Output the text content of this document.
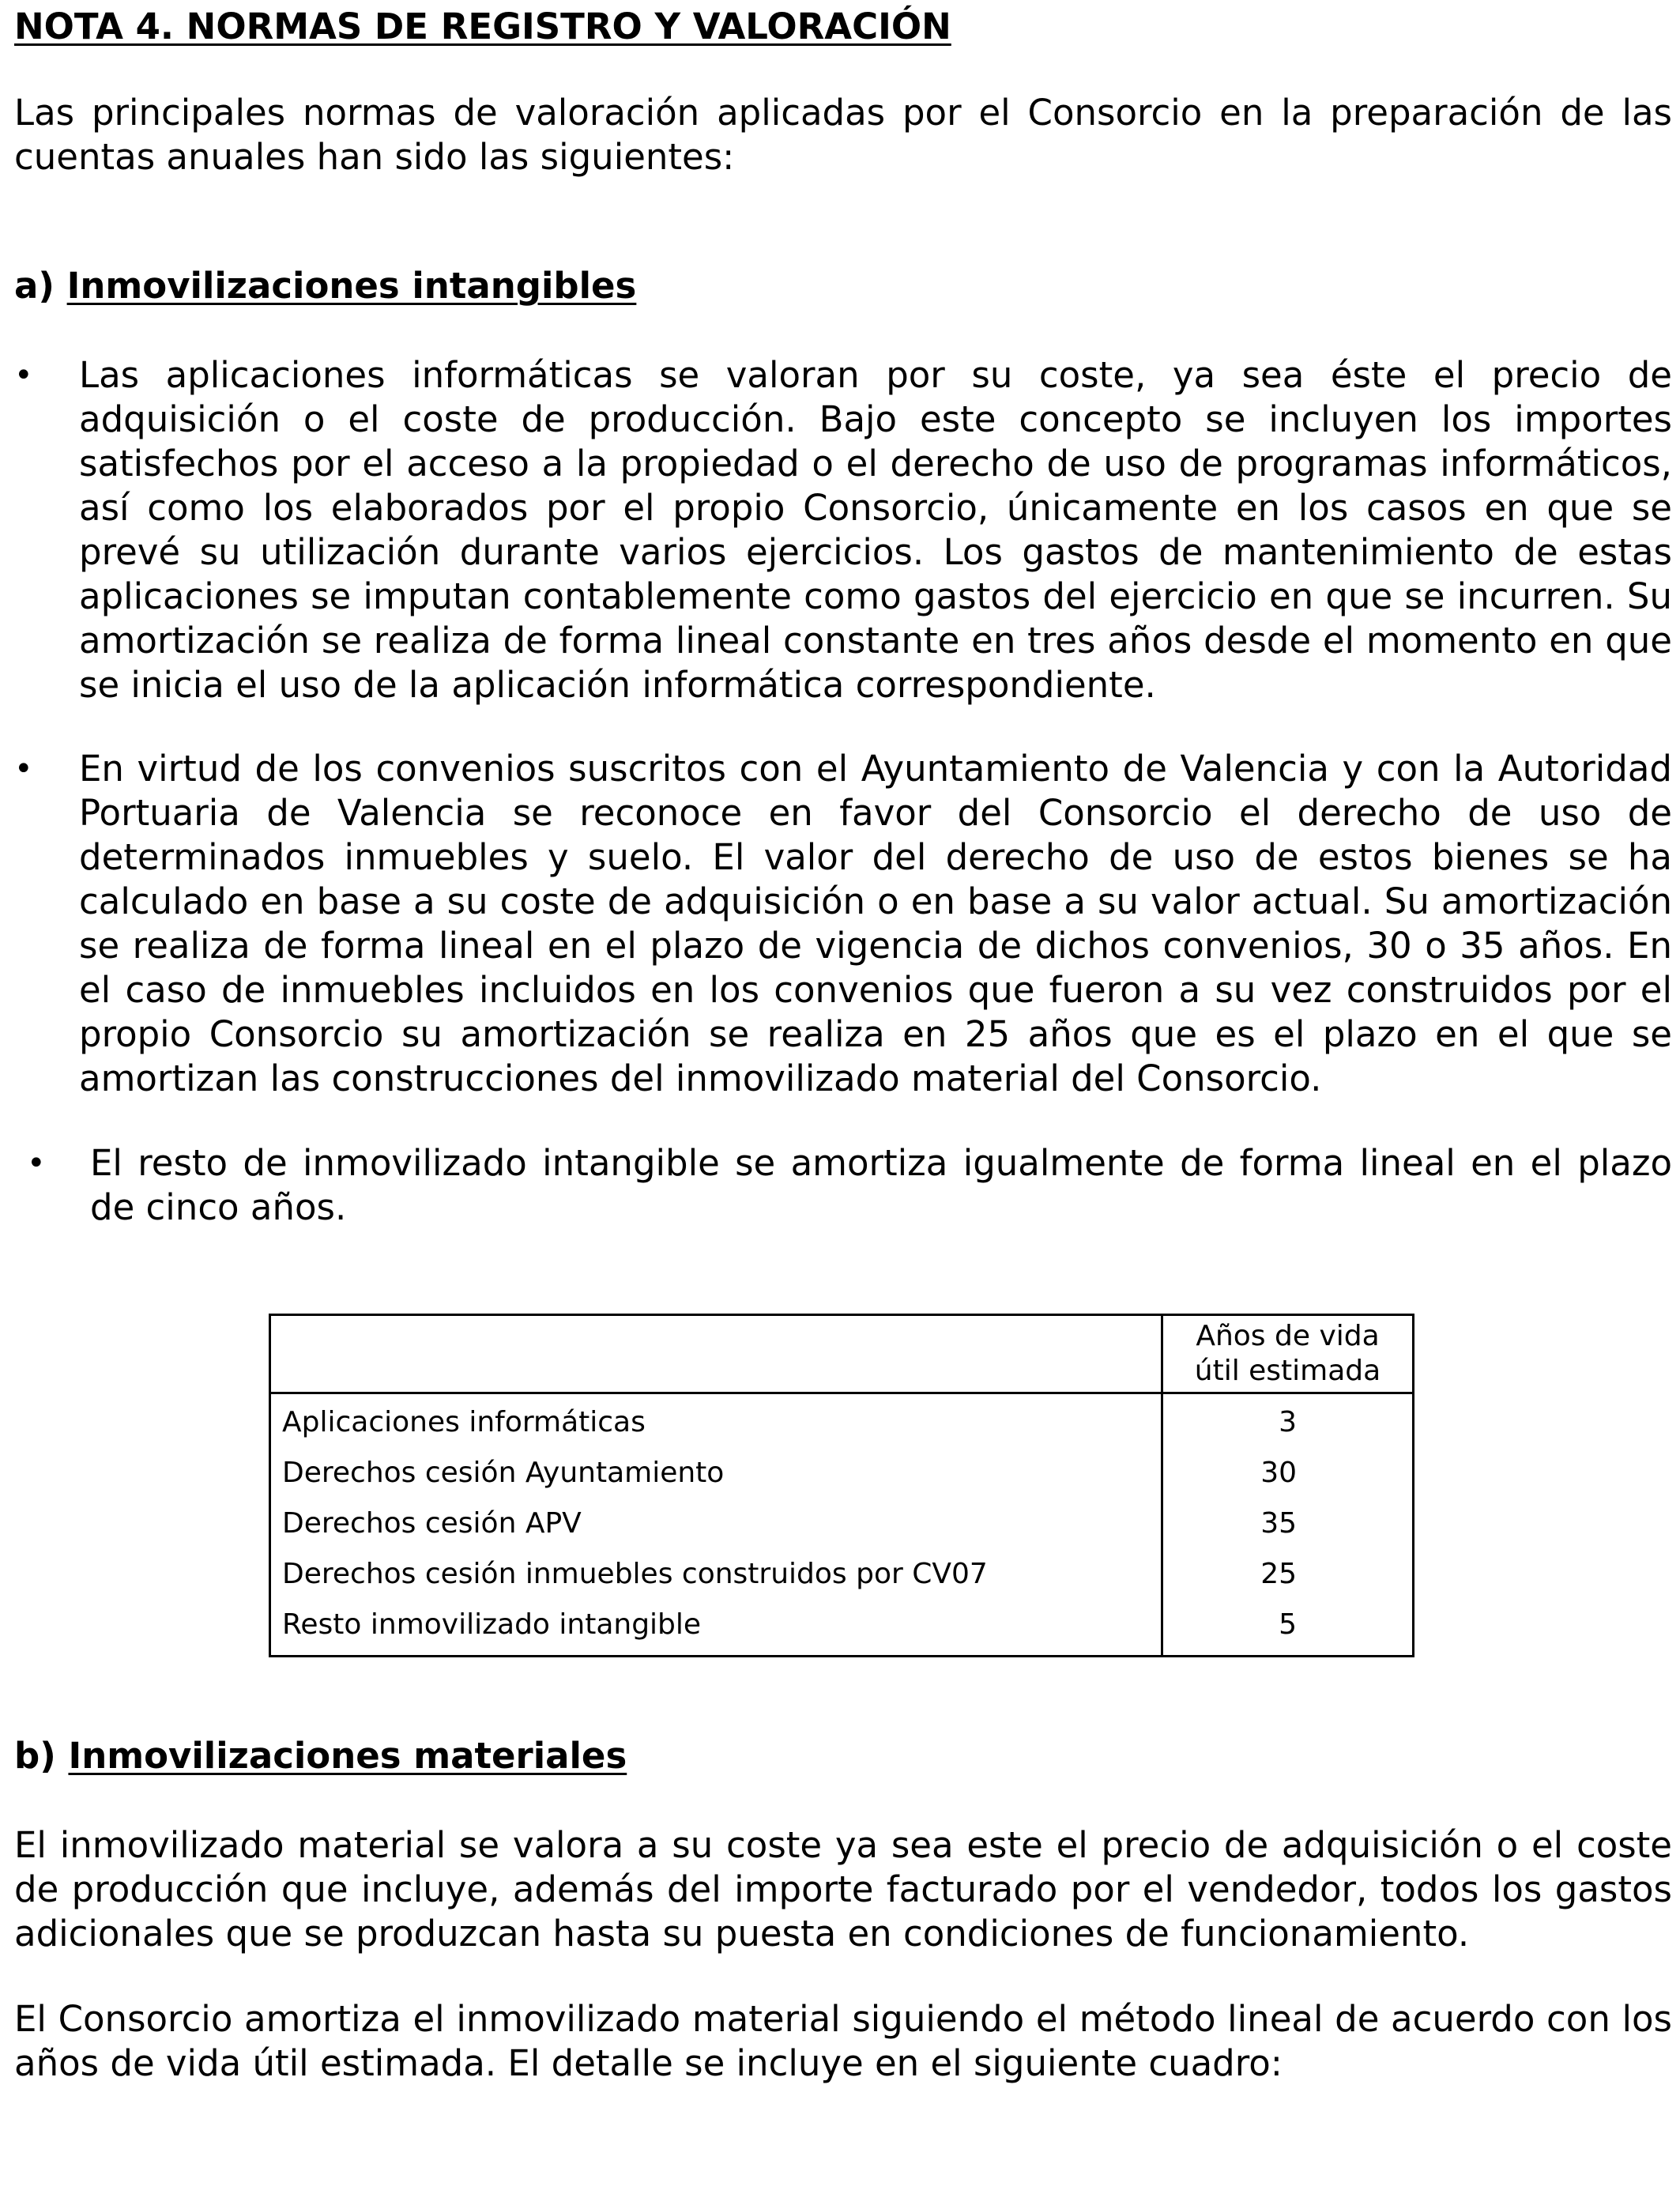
NOTA 4. NORMAS DE REGISTRO Y VALORACIÓN
Las principales normas de valoración aplicadas por el Consorcio en la preparación de las cuentas anuales han sido las siguientes:
a) Inmovilizaciones intangibles
•	Las aplicaciones informáticas se valoran por su coste, ya sea éste el precio de adquisición o el coste de producción. Bajo este concepto se incluyen los importes satisfechos por el acceso a la propiedad o el derecho de uso de programas informáticos, así como los elaborados por el propio Consorcio, únicamente en los casos en que se prevé su utilización durante varios ejercicios. Los gastos de mantenimiento de estas aplicaciones se imputan contablemente como gastos del ejercicio en que se incurren. Su amortización se realiza de forma lineal constante en tres años desde el momento en que se inicia el uso de la aplicación informática correspondiente.
•	En virtud de los convenios suscritos con el Ayuntamiento de Valencia y con la Autoridad Portuaria de Valencia se reconoce en favor del Consorcio el derecho de uso de determinados inmuebles y suelo. El valor del derecho de uso de estos bienes se ha calculado en base a su coste de adquisición o en base a su valor actual. Su amortización se realiza de forma lineal en el plazo de vigencia de dichos convenios, 30 o 35 años. En el caso de inmuebles incluidos en los convenios que fueron a su vez construidos por el propio Consorcio su amortización se realiza en 25 años que es el plazo en el que se amortizan las construcciones del inmovilizado material del Consorcio.
•	El resto de inmovilizado intangible se amortiza igualmente de forma lineal en el plazo de cinco años.
	Años de vida
útil estimada
Aplicaciones informáticas	3
Derechos cesión Ayuntamiento	30
Derechos cesión APV	35
Derechos cesión inmuebles construidos por CV07	25
Resto inmovilizado intangible	5
b) Inmovilizaciones materiales
El inmovilizado material se valora a su coste ya sea este el precio de adquisición o el coste de producción que incluye, además del importe facturado por el vendedor, todos los gastos adicionales que se produzcan hasta su puesta en condiciones de funcionamiento.
El Consorcio amortiza el inmovilizado material siguiendo el método lineal de acuerdo con los años de vida útil estimada. El detalle se incluye en el siguiente cuadro:
